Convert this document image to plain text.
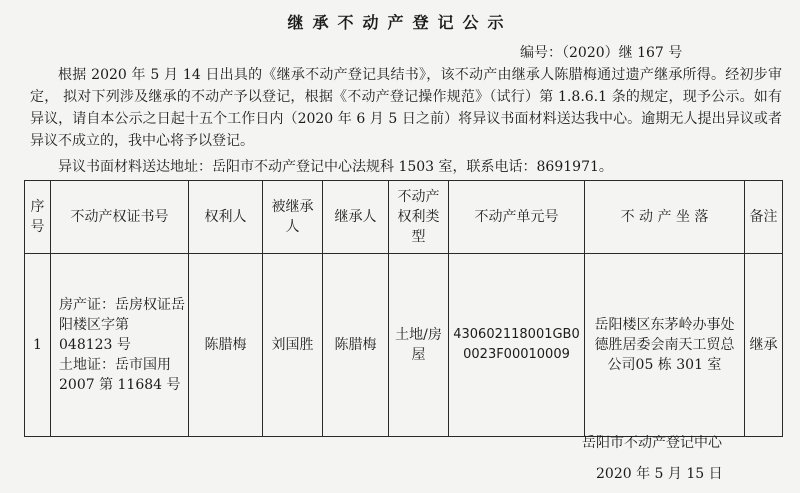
继承不动产登记公示
编号：（2020）继 167 号

根据 2020 年 5 月 14 日出具的《继承不动产登记具结书》，该不动产由继承人陈腊梅通过遗产继承所得。经初步审定， 拟对下列涉及继承的不动产予以登记，根据《不动产登记操作规范》（试行）第 1.8.6.1 条的规定，现予公示。如有异议，请自本公示之日起十五个工作日内（2020 年 6 月 5 日之前）将异议书面材料送达我中心。逾期无人提出异议或者异议不成立的，我中心将予以登记。

异议书面材料送达地址：岳阳市不动产登记中心法规科 1503 室，联系电话：8691971。
序号	不动产权证书号	权利人	被继承人	继承人	不动产权利类型	不动产单元号	不 动 产 坐 落	备注
1	房产证：岳房权证岳阳楼区字第 048123 号
土地证：岳市国用 2007 第 11684 号	陈腊梅	刘国胜	陈腊梅	土地/房屋	430602118001GB00023F00010009	岳阳楼区东茅岭办事处德胜居委会南天工贸总公司05 栋 301 室	继承
岳阳市不动产登记中心
2020 年 5 月 15 日
